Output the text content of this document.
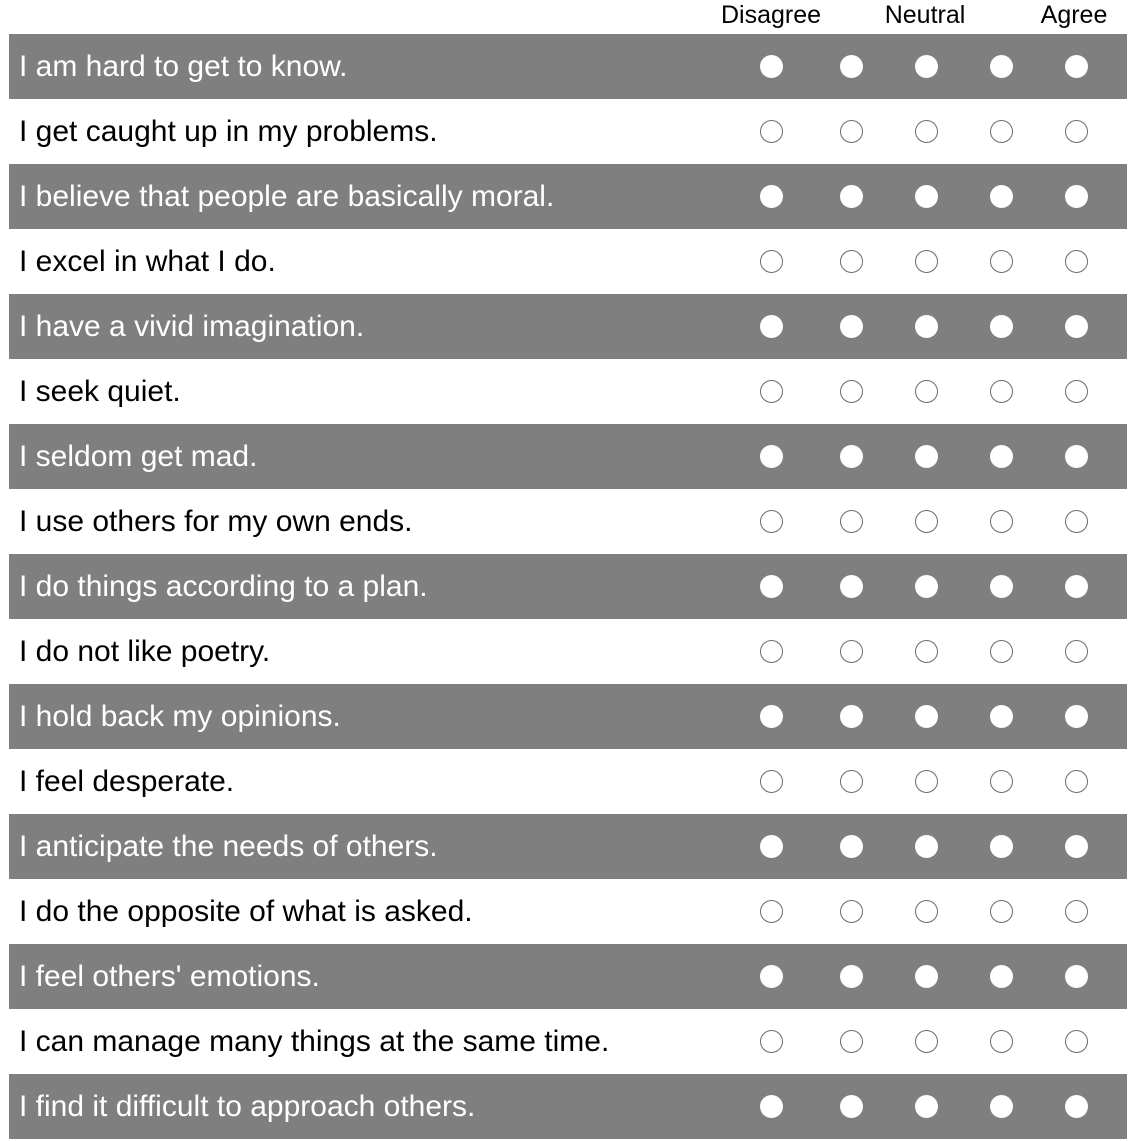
Disagree	Neutral	Agree
I am hard to get to know.
I get caught up in my problems.
I believe that people are basically moral.
I excel in what I do.
I have a vivid imagination.
I seek quiet.
I seldom get mad.
I use others for my own ends.
I do things according to a plan.
I do not like poetry.
I hold back my opinions.
I feel desperate.
I anticipate the needs of others.
I do the opposite of what is asked.
I feel others' emotions.
I can manage many things at the same time.
I find it difficult to approach others.
